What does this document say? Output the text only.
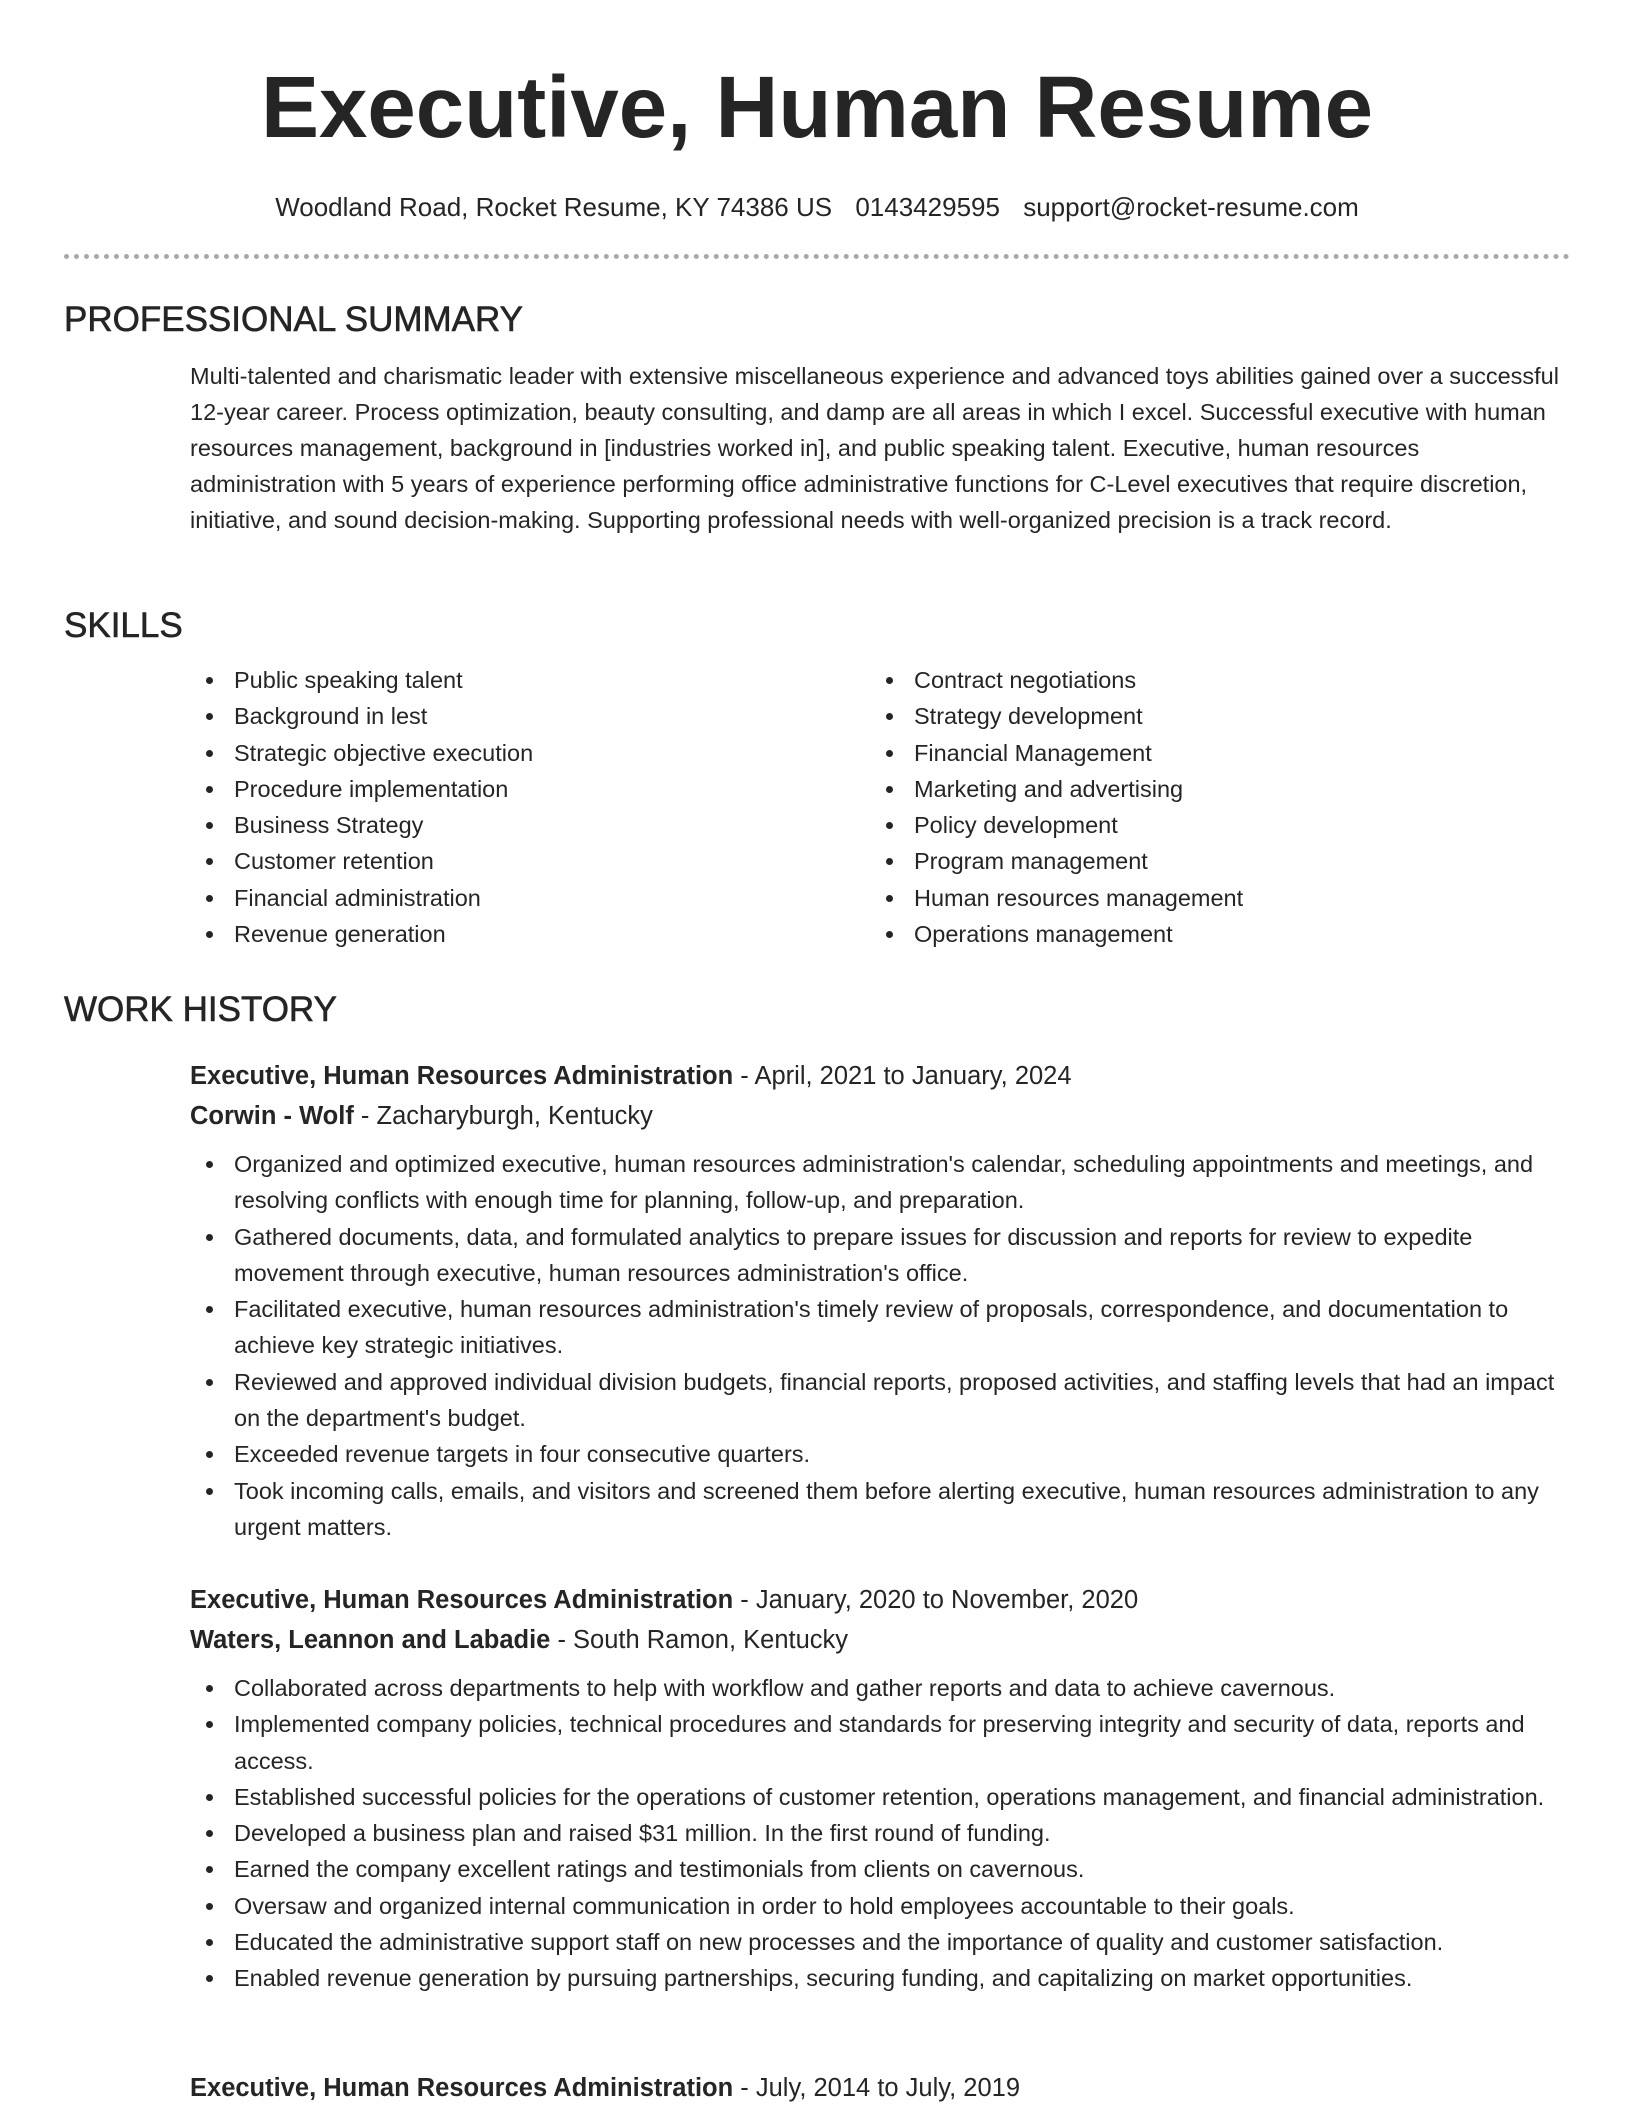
Executive, Human Resume
Woodland Road, Rocket Resume, KY 74386 US 0143429595 support@rocket-resume.com
PROFESSIONAL SUMMARY
Multi-talented and charismatic leader with extensive miscellaneous experience and advanced toys abilities gained over a successful 12-year career. Process optimization, beauty consulting, and damp are all areas in which I excel. Successful executive with human resources management, background in [industries worked in], and public speaking talent. Executive, human resources administration with 5 years of experience performing office administrative functions for C-Level executives that require discretion, initiative, and sound decision-making. Supporting professional needs with well-organized precision is a track record.
SKILLS
Public speaking talent
Background in lest
Strategic objective execution
Procedure implementation
Business Strategy
Customer retention
Financial administration
Revenue generation
Contract negotiations
Strategy development
Financial Management
Marketing and advertising
Policy development
Program management
Human resources management
Operations management
WORK HISTORY
Executive, Human Resources Administration - April, 2021 to January, 2024
Corwin - Wolf - Zacharyburgh, Kentucky
Organized and optimized executive, human resources administration's calendar, scheduling appointments and meetings, and resolving conflicts with enough time for planning, follow-up, and preparation.
Gathered documents, data, and formulated analytics to prepare issues for discussion and reports for review to expedite movement through executive, human resources administration's office.
Facilitated executive, human resources administration's timely review of proposals, correspondence, and documentation to achieve key strategic initiatives.
Reviewed and approved individual division budgets, financial reports, proposed activities, and staffing levels that had an impact on the department's budget.
Exceeded revenue targets in four consecutive quarters.
Took incoming calls, emails, and visitors and screened them before alerting executive, human resources administration to any urgent matters.
Executive, Human Resources Administration - January, 2020 to November, 2020
Waters, Leannon and Labadie - South Ramon, Kentucky
Collaborated across departments to help with workflow and gather reports and data to achieve cavernous.
Implemented company policies, technical procedures and standards for preserving integrity and security of data, reports and access.
Established successful policies for the operations of customer retention, operations management, and financial administration.
Developed a business plan and raised $31 million. In the first round of funding.
Earned the company excellent ratings and testimonials from clients on cavernous.
Oversaw and organized internal communication in order to hold employees accountable to their goals.
Educated the administrative support staff on new processes and the importance of quality and customer satisfaction.
Enabled revenue generation by pursuing partnerships, securing funding, and capitalizing on market opportunities.
Executive, Human Resources Administration - July, 2014 to July, 2019
